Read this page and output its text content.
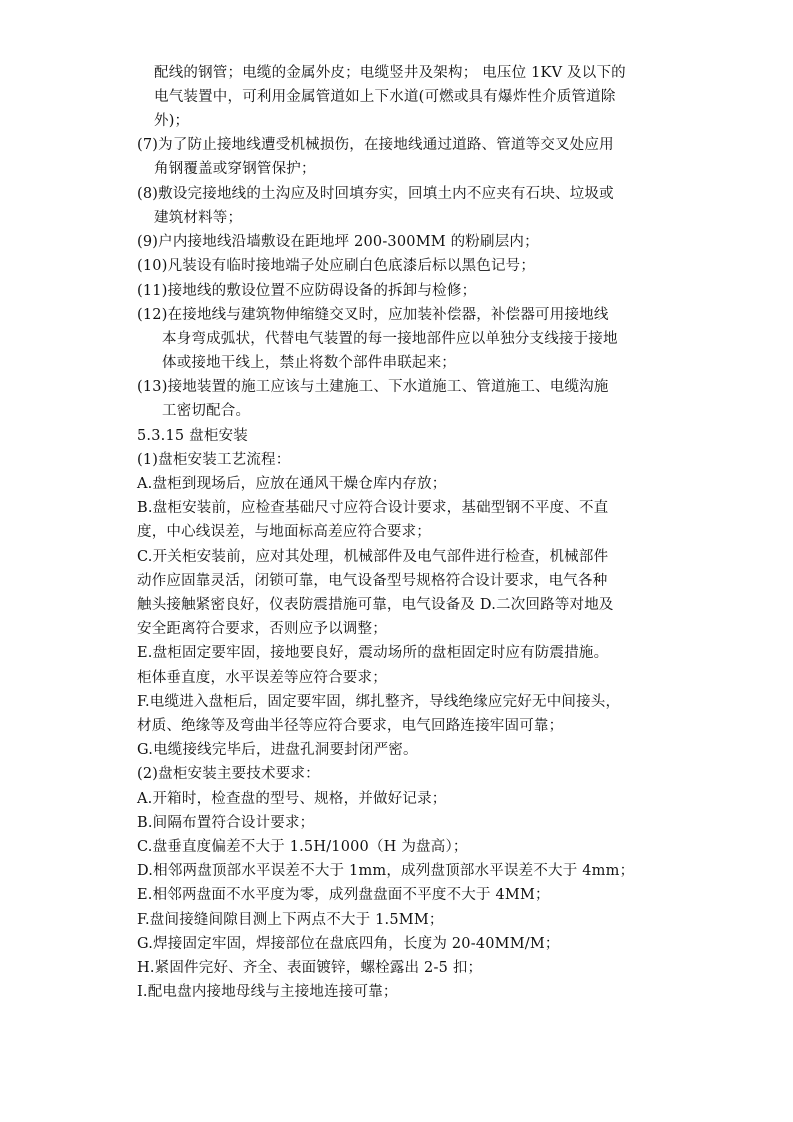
配线的钢管；电缆的金属外皮；电缆竖井及架构； 电压位 1KV 及以下的
电气装置中，可利用金属管道如上下水道(可燃或具有爆炸性介质管道除
外)；
(7)为了防止接地线遭受机械损伤，在接地线通过道路、管道等交叉处应用
角钢覆盖或穿钢管保护；
(8)敷设完接地线的土沟应及时回填夯实，回填土内不应夹有石块、垃圾或
建筑材料等；
(9)户内接地线沿墙敷设在距地坪 200-300MM 的粉刷层内；
(10)凡装设有临时接地端子处应刷白色底漆后标以黑色记号；
(11)接地线的敷设位置不应防碍设备的拆卸与检修；
(12)在接地线与建筑物伸缩缝交叉时，应加装补偿器，补偿器可用接地线
本身弯成弧状，代替电气装置的每一接地部件应以单独分支线接于接地
体或接地干线上，禁止将数个部件串联起来；
(13)接地装置的施工应该与土建施工、下水道施工、管道施工、电缆沟施
工密切配合。
5.3.15 盘柜安装
(1)盘柜安装工艺流程：
A.盘柜到现场后，应放在通风干燥仓库内存放；
B.盘柜安装前，应检查基础尺寸应符合设计要求，基础型钢不平度、不直
度，中心线误差，与地面标高差应符合要求；
C.开关柜安装前，应对其处理，机械部件及电气部件进行检查，机械部件
动作应固靠灵活，闭锁可靠，电气设备型号规格符合设计要求，电气各种
触头接触紧密良好，仪表防震措施可靠，电气设备及 D.二次回路等对地及
安全距离符合要求，否则应予以调整；
E.盘柜固定要牢固，接地要良好，震动场所的盘柜固定时应有防震措施。
柜体垂直度，水平误差等应符合要求；
F.电缆进入盘柜后，固定要牢固，绑扎整齐，导线绝缘应完好无中间接头，
材质、绝缘等及弯曲半径等应符合要求，电气回路连接牢固可靠；
G.电缆接线完毕后，进盘孔洞要封闭严密。
(2)盘柜安装主要技术要求：
A.开箱时，检查盘的型号、规格，并做好记录；
B.间隔布置符合设计要求；
C.盘垂直度偏差不大于 1.5H/1000（H 为盘高）；
D.相邻两盘顶部水平误差不大于 1mm，成列盘顶部水平误差不大于 4mm；
E.相邻两盘面不水平度为零，成列盘盘面不平度不大于 4MM；
F.盘间接缝间隙目测上下两点不大于 1.5MM；
G.焊接固定牢固，焊接部位在盘底四角，长度为 20-40MM/M；
H.紧固件完好、齐全、表面镀锌，螺栓露出 2-5 扣；
I.配电盘内接地母线与主接地连接可靠；
